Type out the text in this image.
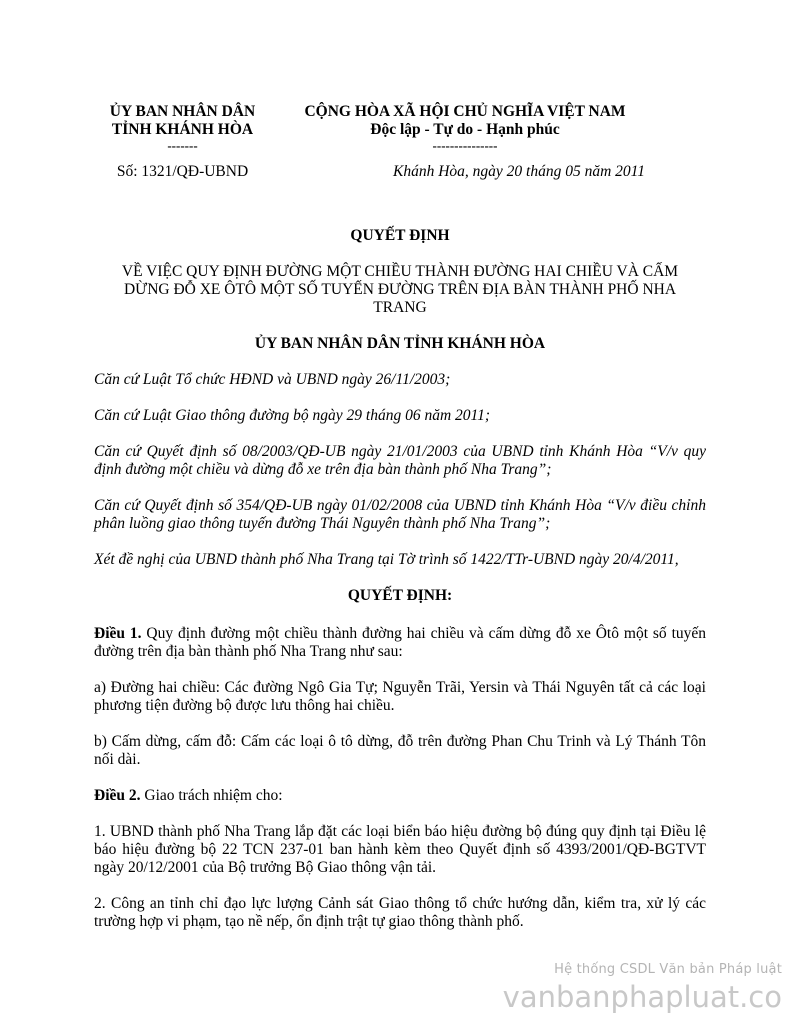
ỦY BAN NHÂN DÂN
TỈNH KHÁNH HÒA
-------
CỘNG HÒA XÃ HỘI CHỦ NGHĨA VIỆT NAM
Độc lập - Tự do - Hạnh phúc
---------------
Số: 1321/QĐ-UBND	Khánh Hòa, ngày 20 tháng 05 năm 2011
QUYẾT ĐỊNH
VỀ VIỆC QUY ĐỊNH ĐƯỜNG MỘT CHIỀU THÀNH ĐƯỜNG HAI CHIỀU VÀ CẤM DỪNG ĐỖ XE ÔTÔ MỘT SỐ TUYẾN ĐƯỜNG TRÊN ĐỊA BÀN THÀNH PHỐ NHA TRANG
ỦY BAN NHÂN DÂN TỈNH KHÁNH HÒA

Căn cứ Luật Tổ chức HĐND và UBND ngày 26/11/2003;

Căn cứ Luật Giao thông đường bộ ngày 29 tháng 06 năm 2011;

Căn cứ Quyết định số 08/2003/QĐ-UB ngày 21/01/2003 của UBND tỉnh Khánh Hòa “V/v quy định đường một chiều và dừng đỗ xe trên địa bàn thành phố Nha Trang”;

Căn cứ Quyết định số 354/QĐ-UB ngày 01/02/2008 của UBND tỉnh Khánh Hòa “V/v điều chỉnh phân luồng giao thông tuyến đường Thái Nguyên thành phố Nha Trang”;

Xét đề nghị của UBND thành phố Nha Trang tại Tờ trình số 1422/TTr-UBND ngày 20/4/2011,

QUYẾT ĐỊNH:

Điều 1. Quy định đường một chiều thành đường hai chiều và cấm dừng đỗ xe Ôtô một số tuyến đường trên địa bàn thành phố Nha Trang như sau:

a) Đường hai chiều: Các đường Ngô Gia Tự; Nguyễn Trãi, Yersin và Thái Nguyên tất cả các loại phương tiện đường bộ được lưu thông hai chiều.

b) Cấm dừng, cấm đỗ: Cấm các loại ô tô dừng, đỗ trên đường Phan Chu Trinh và Lý Thánh Tôn nối dài.

Điều 2. Giao trách nhiệm cho:

1. UBND thành phố Nha Trang lắp đặt các loại biển báo hiệu đường bộ đúng quy định tại Điều lệ báo hiệu đường bộ 22 TCN 237-01 ban hành kèm theo Quyết định số 4393/2001/QĐ-BGTVT ngày 20/12/2001 của Bộ trưởng Bộ Giao thông vận tải.

2. Công an tỉnh chỉ đạo lực lượng Cảnh sát Giao thông tổ chức hướng dẫn, kiểm tra, xử lý các trường hợp vi phạm, tạo nề nếp, ổn định trật tự giao thông thành phố.

Hệ thống CSDL Văn bản Pháp luật
vanbanphapluat.co
